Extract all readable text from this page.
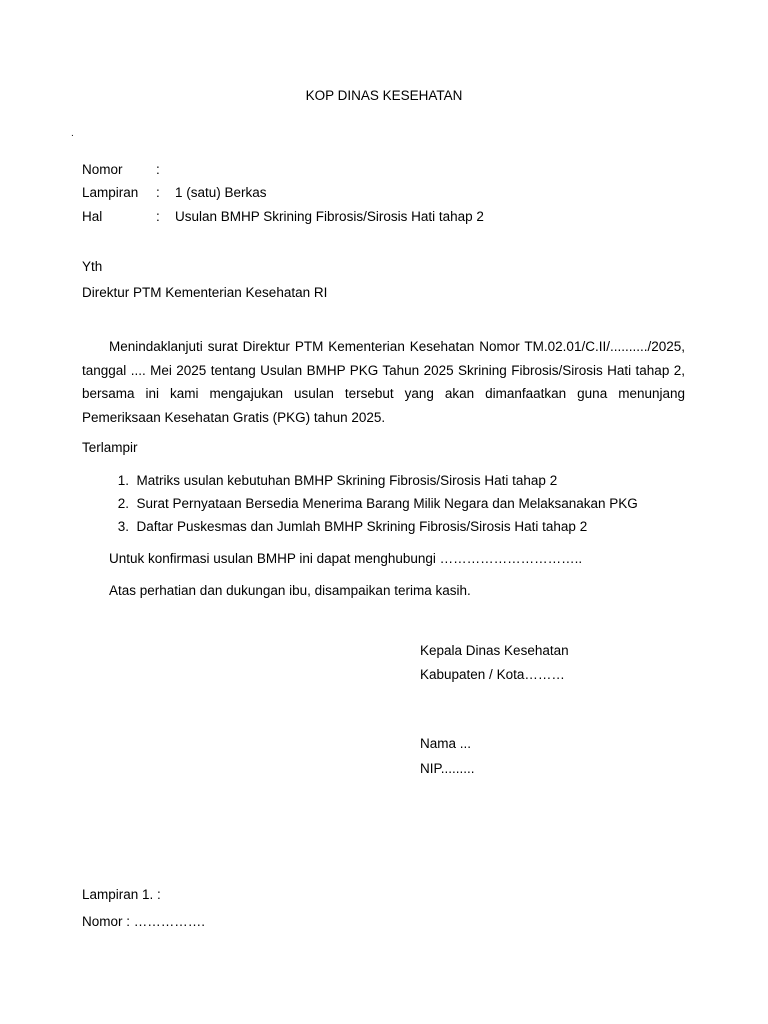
KOP DINAS KESEHATAN
.
Nomor :
Lampiran : 1 (satu) Berkas
Hal	: Usulan BMHP Skrining Fibrosis/Sirosis Hati tahap 2
Yth
Direktur PTM Kementerian Kesehatan RI

Menindaklanjuti surat Direktur PTM Kementerian Kesehatan Nomor TM.02.01/C.II/........../2025, tanggal .... Mei 2025 tentang Usulan BMHP PKG Tahun 2025 Skrining Fibrosis/Sirosis Hati tahap 2, bersama ini kami mengajukan usulan tersebut yang akan dimanfaatkan guna menunjang Pemeriksaan Kesehatan Gratis (PKG) tahun 2025.

Terlampir
1. Matriks usulan kebutuhan BMHP Skrining Fibrosis/Sirosis Hati tahap 2
2. Surat Pernyataan Bersedia Menerima Barang Milik Negara dan Melaksanakan PKG
3. Daftar Puskesmas dan Jumlah BMHP Skrining Fibrosis/Sirosis Hati tahap 2
Untuk konfirmasi usulan BMHP ini dapat menghubungi …………………………..
Atas perhatian dan dukungan ibu, disampaikan terima kasih.
Kepala Dinas Kesehatan
Kabupaten / Kota………
Nama ...
NIP.........
Lampiran 1. :
Nomor : …………….
